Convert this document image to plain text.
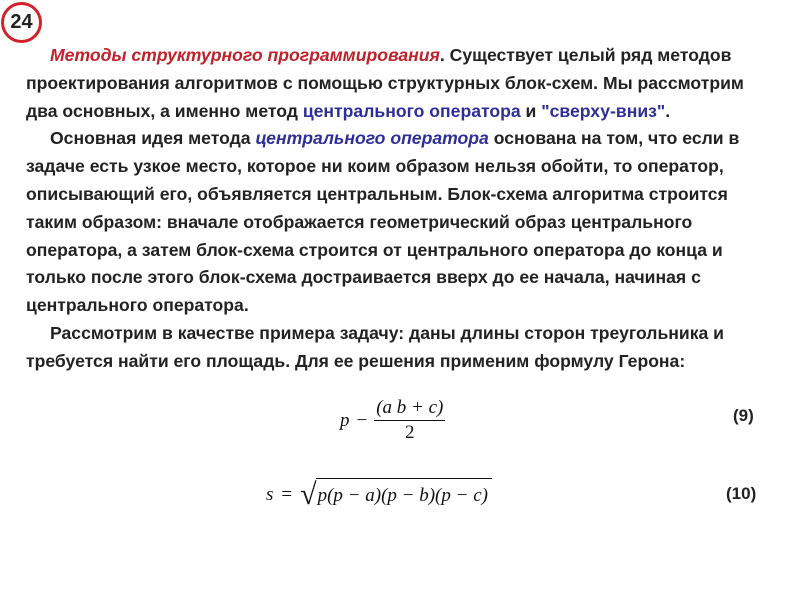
24

Методы структурного программирования. Существует целый ряд методов проектирования алгоритмов с помощью структурных блок-схем. Мы рассмотрим два основных, а именно метод центрального оператора и "сверху-вниз".

Основная идея метода центрального оператора основана на том, что если в задаче есть узкое место, которое ни коим образом нельзя обойти, то оператор, описывающий его, объявляется центральным. Блок-схема алгоритма строится таким образом: вначале отображается геометрический образ центрального оператора, а затем блок-схема строится от центрального оператора до конца и только после этого блок-схема достраивается вверх до ее начала, начиная с центрального оператора.

Рассмотрим в качестве примера задачу: даны длины сторон треугольника и требуется найти его площадь. Для ее решения применим формулу Герона:

$p - \frac{\text{(a b + c)}}{2}$	(9)
s = √ p(p − a)(p − b)(p − c)	(10)
